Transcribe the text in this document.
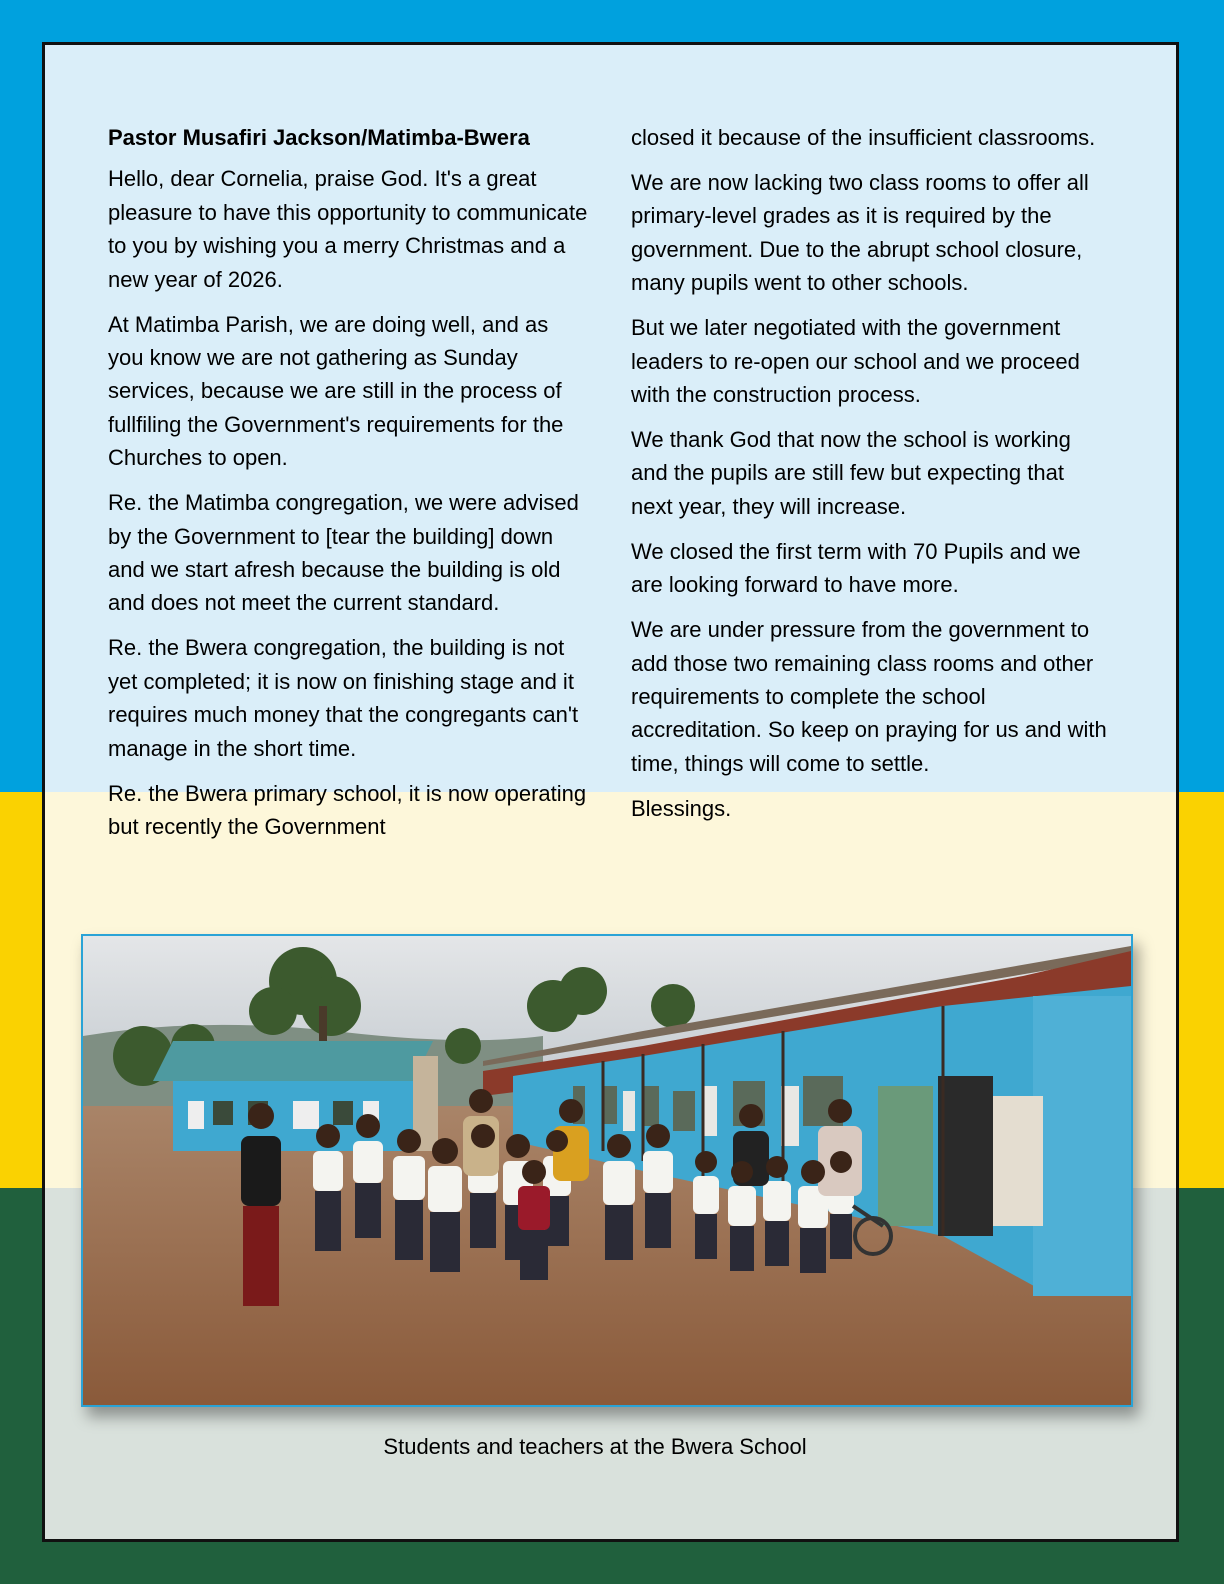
Pastor Musafiri Jackson/Matimba-Bwera

Hello, dear Cornelia, praise God. It's a great pleasure to have this opportunity to communicate to you by wishing you a merry Christmas and a new year of 2026.

At Matimba Parish, we are doing well, and as you know we are not gathering as Sunday services, because we are still in the process of fullfiling the Government's requirements for the Churches to open.

Re. the Matimba congregation, we were advised by the Government to [tear the building] down and we start afresh because the building is old and does not meet the current standard.

Re. the Bwera congregation, the building is not yet completed; it is now on finishing stage and it requires much money that the congregants can't manage in the short time.

Re. the Bwera primary school, it is now operating but recently the Government

closed it because of the insufficient classrooms.

We are now lacking two class rooms to offer all primary-level grades as it is required by the government. Due to the abrupt school closure, many pupils went to other schools.

But we later negotiated with the government leaders to re-open our school and we proceed with the construction process.

We thank God that now the school is working and the pupils are still few but expecting that next year, they will increase.

We closed the first term with 70 Pupils and we are looking forward to have more.

We are under pressure from the government to add those two remaining class rooms and other requirements to complete the school accreditation. So keep on praying for us and with time, things will come to settle.

Blessings.

Students and teachers at the Bwera School
